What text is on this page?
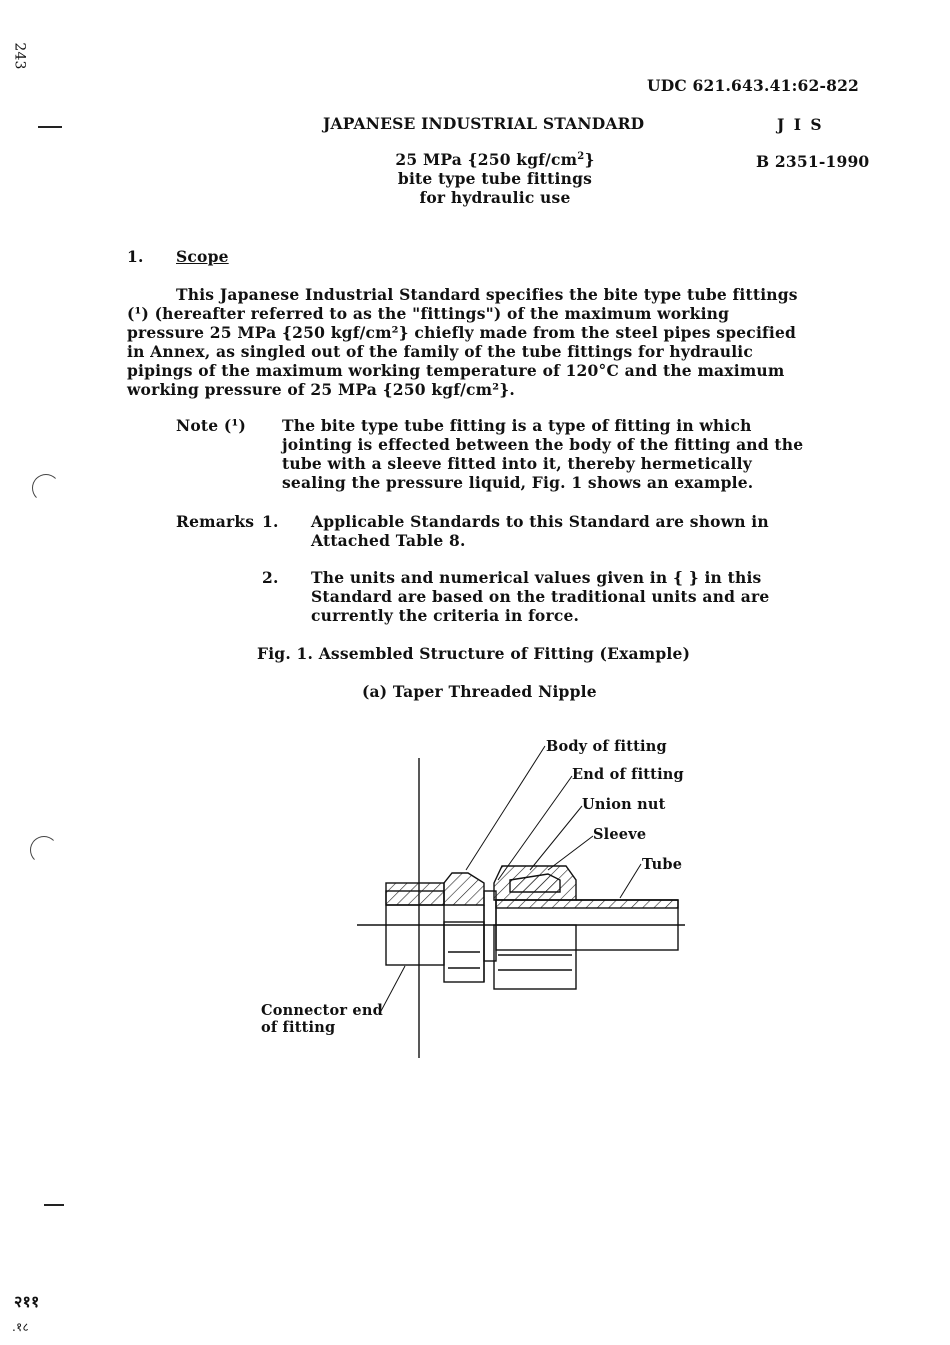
243
२११
.१८
UDC 621.643.41:62-822
JAPANESE INDUSTRIAL STANDARD	J I S
B 2351-1990
25 MPa {250 kgf/$cm^2$}
bite type tube fittings
for hydraulic use
1. Scope
This Japanese Industrial Standard specifies the bite type tube fittings
(¹) (hereafter referred to as the "fittings") of the maximum working
pressure 25 MPa {250 kgf/cm²} chiefly made from the steel pipes specified
in Annex, as singled out of the family of the tube fittings for hydraulic
pipings of the maximum working temperature of 120°C and the maximum
working pressure of 25 MPa {250 kgf/cm²}.
Note (¹) The bite type tube fitting is a type of fitting in which
jointing is effected between the body of the fitting and the
tube with a sleeve fitted into it, thereby hermetically
sealing the pressure liquid, Fig. 1 shows an example.
Remarks 1. Applicable Standards to this Standard are shown in
Attached Table 8.
2. The units and numerical values given in { } in this
Standard are based on the traditional units and are
currently the criteria in force.
Fig. 1. Assembled Structure of Fitting (Example)
(a) Taper Threaded Nipple
Body of fitting
End of fitting
Union nut
Sleeve
Tube
Connector end
of fitting
